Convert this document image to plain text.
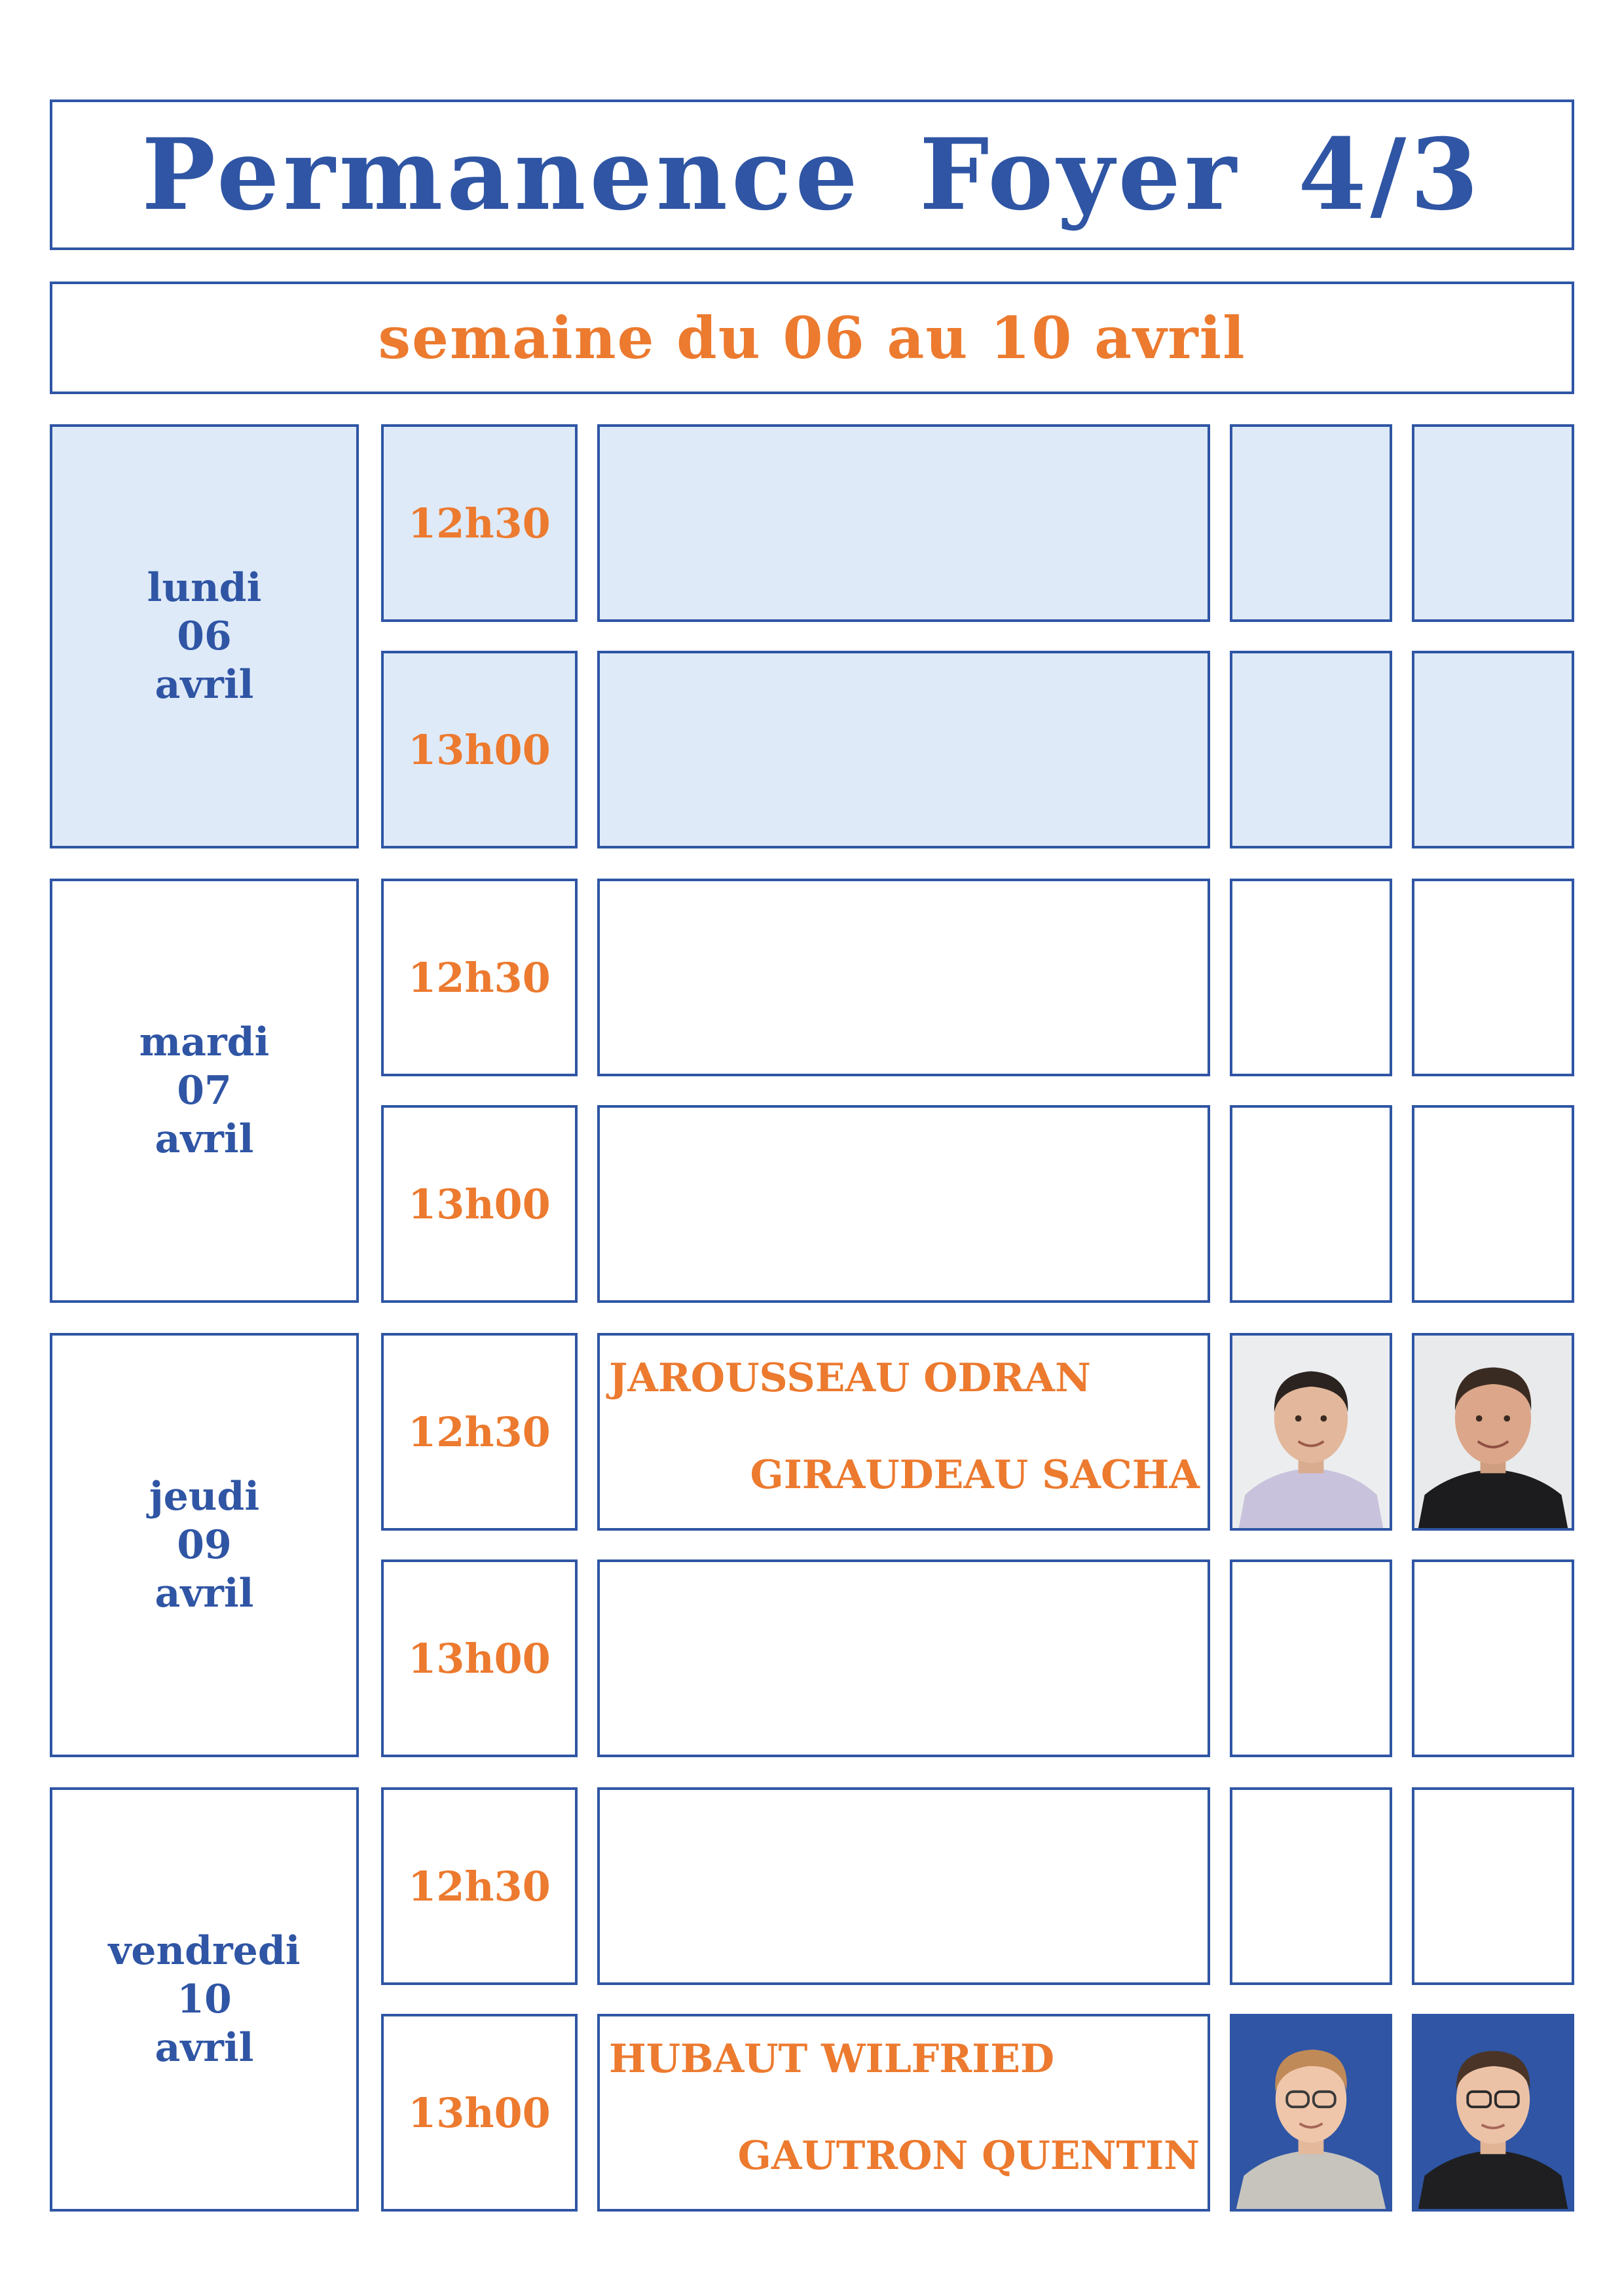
Permanence Foyer 4/3
semaine du 06 au 10 avril
lundi
06
avril
12h30
13h00
mardi
07
avril
12h30
13h00
jeudi
09
avril
12h30
JAROUSSEAU ODRAN
GIRAUDEAU SACHA
13h00
vendredi
10
avril
12h30
13h00
HUBAUT WILFRIED
GAUTRON QUENTIN
